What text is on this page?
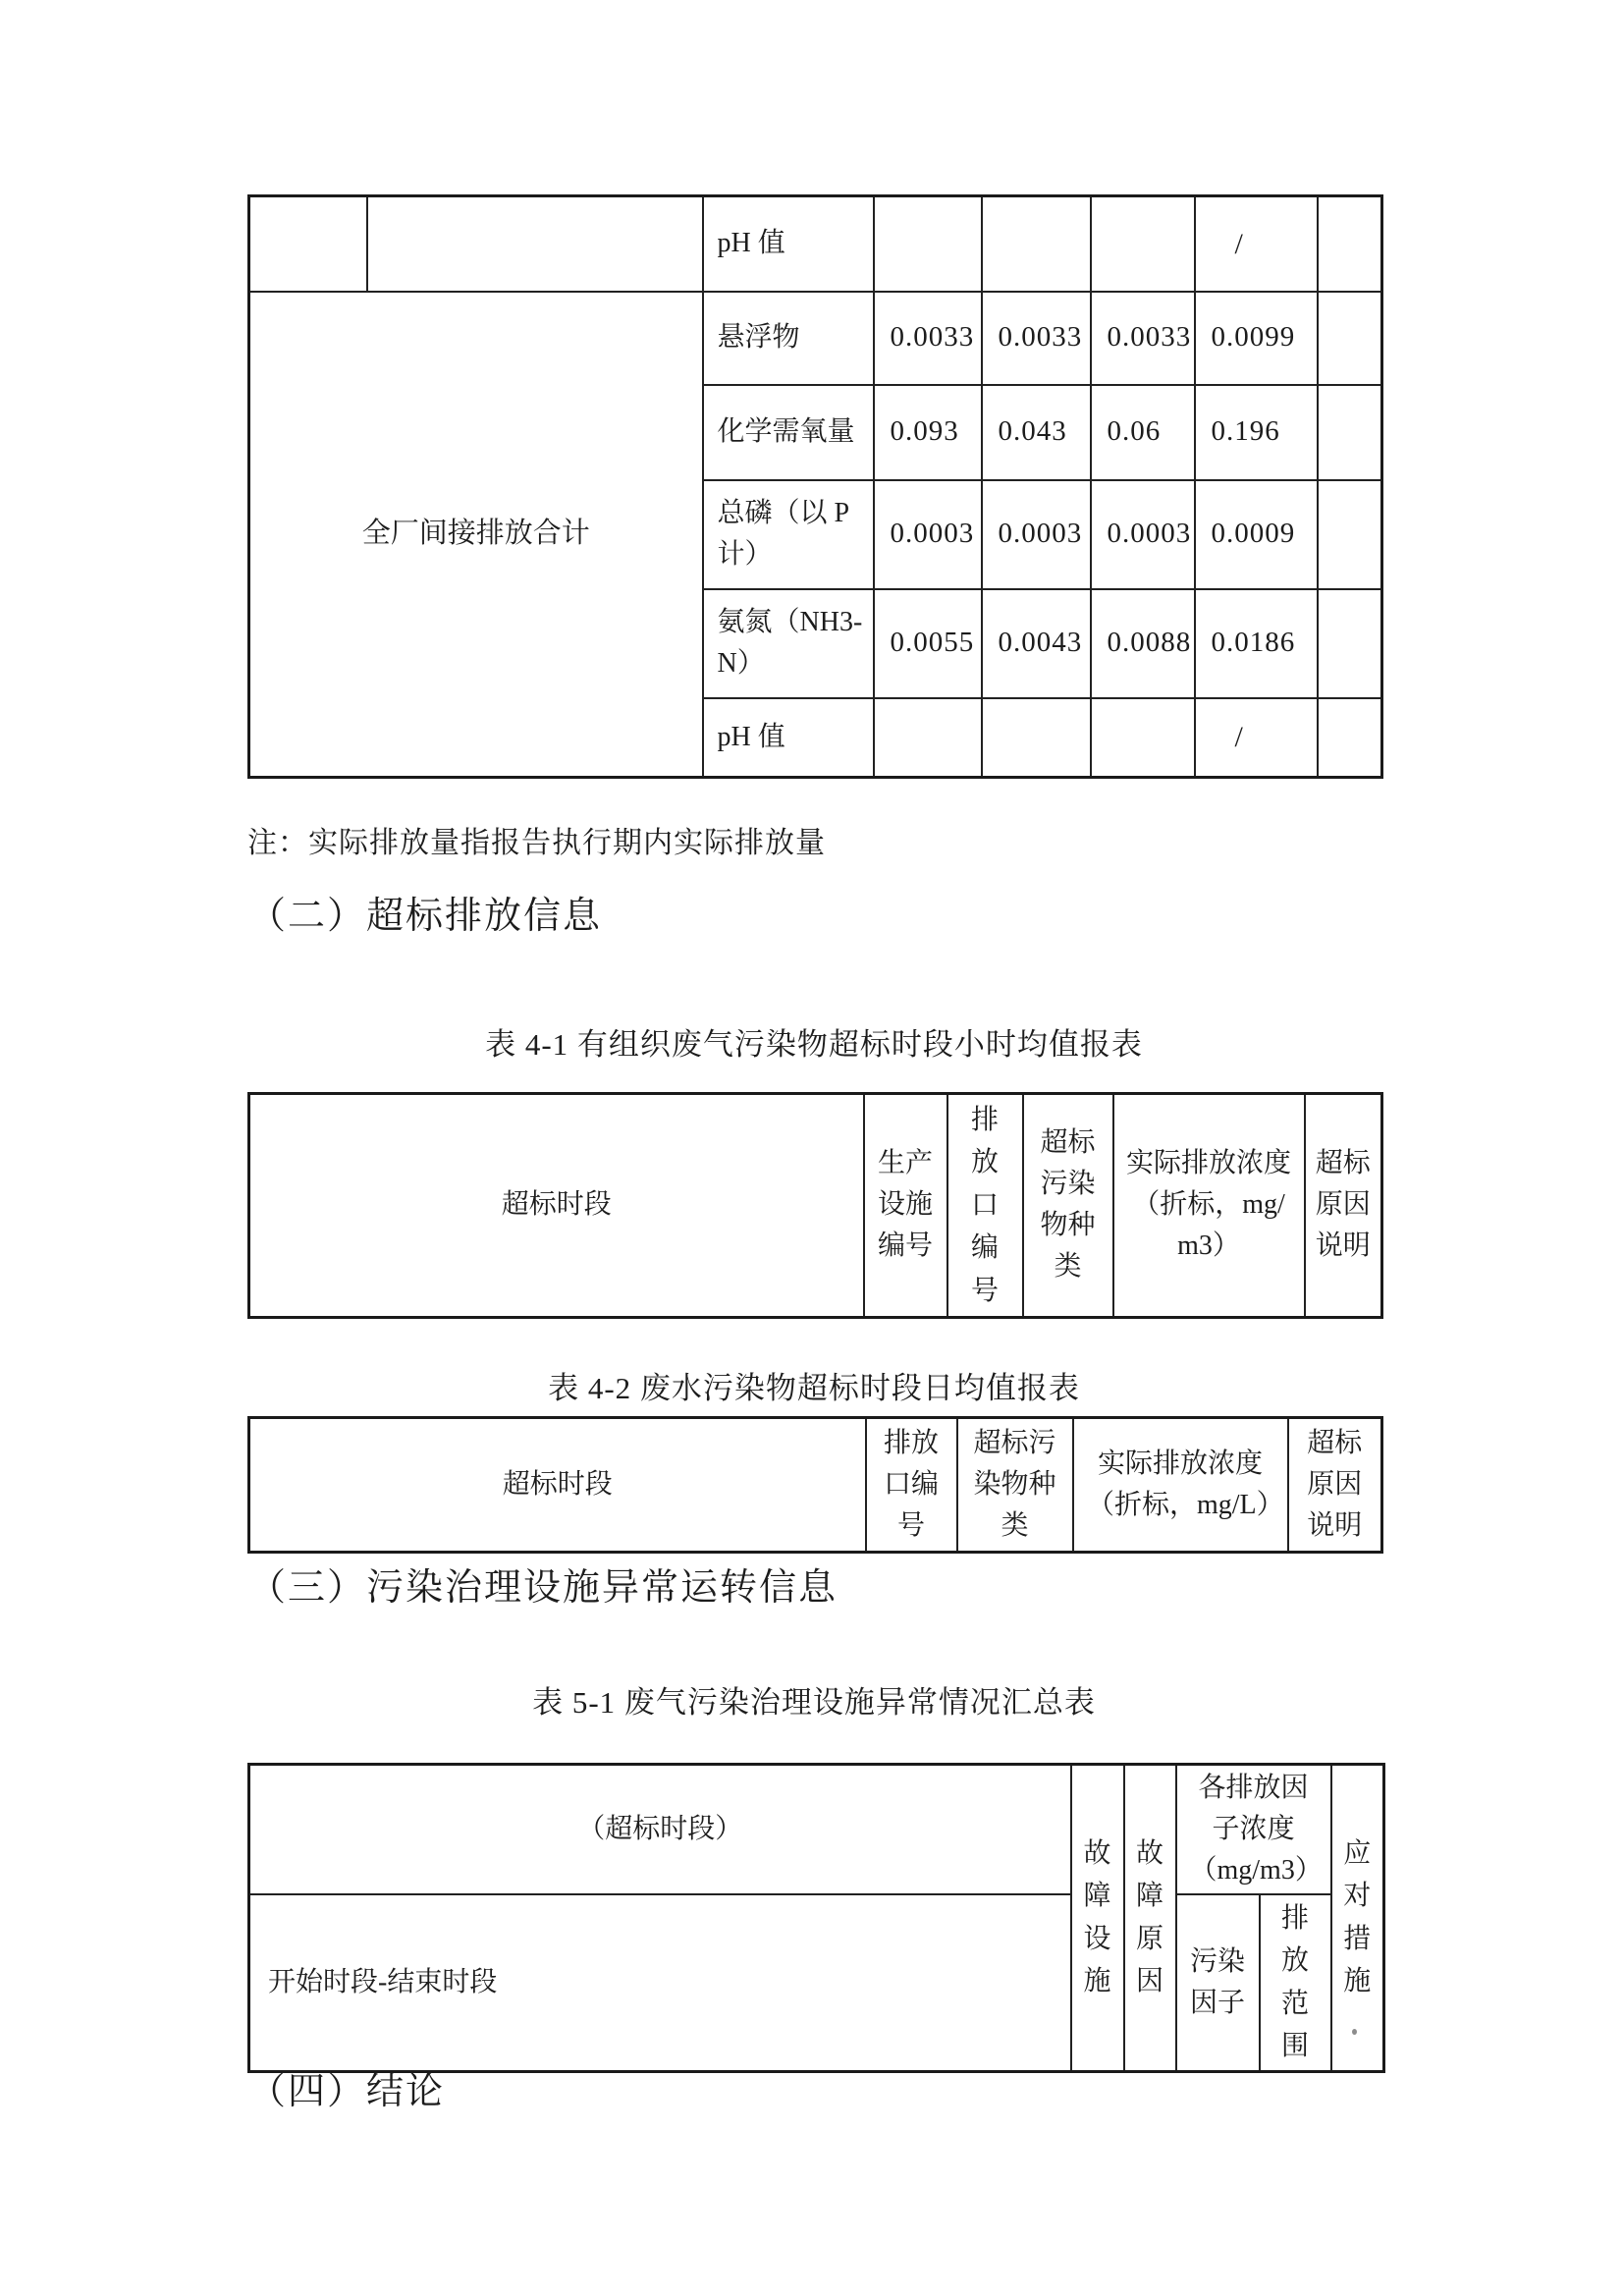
		pH 值				/	
全厂间接排放合计		悬浮物	0.0033	0.0033	0.0033	0.0099	
		化学需氧量	0.093	0.043	0.06	0.196	
		总磷（以 P 计）	0.0003	0.0003	0.0003	0.0009	
		氨氮（NH3-N）	0.0055	0.0043	0.0088	0.0186	
		pH 值				/	
注：实际排放量指报告执行期内实际排放量
（二）超标排放信息
表 4-1 有组织废气污染物超标时段小时均值报表
超标时段	生产设施编号	排放口编号	超标污染物种类	实际排放浓度（折标，mg/m3）	超标原因说明
表 4-2 废水污染物超标时段日均值报表
超标时段	排放口编号	超标污染物种类	实际排放浓度（折标，mg/L）	超标原因说明
（三）污染治理设施异常运转信息
表 5-1 废气污染治理设施异常情况汇总表
（超标时段）	故障设施	故障原因	各排放因子浓度（mg/m3）		应对措施
开始时段-结束时段			污染因子	排放范围	
（四）结论
